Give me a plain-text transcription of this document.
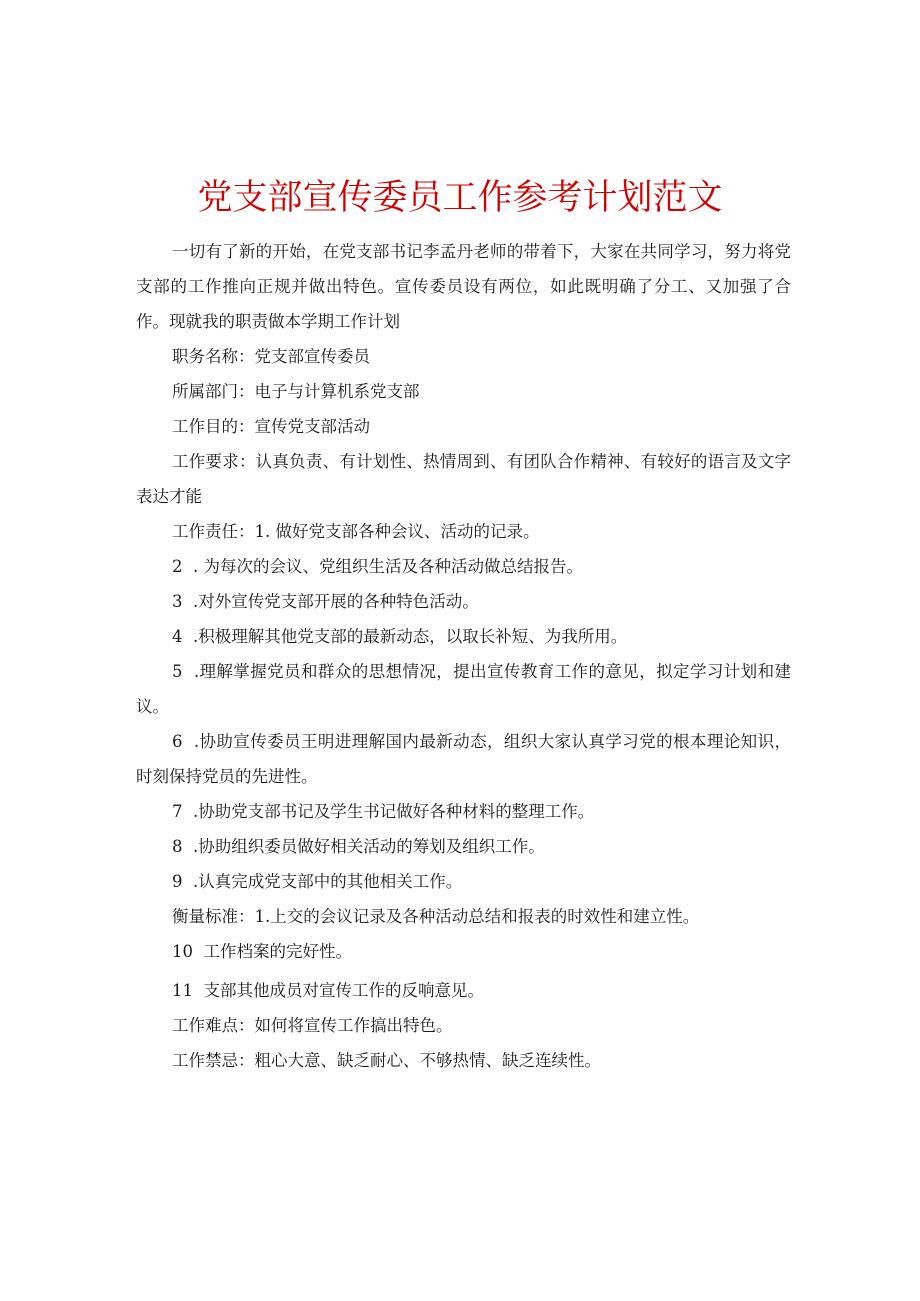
党支部宣传委员工作参考计划范文

一切有了新的开始，在党支部书记李孟丹老师的带着下，大家在共同学习，努力将党支部的工作推向正规并做出特色。宣传委员设有两位，如此既明确了分工、又加强了合作。现就我的职责做本学期工作计划

职务名称：党支部宣传委员

所属部门：电子与计算机系党支部

工作目的：宣传党支部活动

工作要求：认真负责、有计划性、热情周到、有团队合作精神、有较好的语言及文字表达才能

工作责任：1. 做好党支部各种会议、活动的记录。

2 . 为每次的会议、党组织生活及各种活动做总结报告。

3 .对外宣传党支部开展的各种特色活动。

4 .积极理解其他党支部的最新动态，以取长补短、为我所用。

5 .理解掌握党员和群众的思想情况，提出宣传教育工作的意见，拟定学习计划和建议。

6 .协助宣传委员王明进理解国内最新动态，组织大家认真学习党的根本理论知识，时刻保持党员的先进性。

7 .协助党支部书记及学生书记做好各种材料的整理工作。

8 .协助组织委员做好相关活动的筹划及组织工作。

9 .认真完成党支部中的其他相关工作。

衡量标准：1.上交的会议记录及各种活动总结和报表的时效性和建立性。

10 工作档案的完好性。

11 支部其他成员对宣传工作的反响意见。

工作难点：如何将宣传工作搞出特色。

工作禁忌：粗心大意、缺乏耐心、不够热情、缺乏连续性。
